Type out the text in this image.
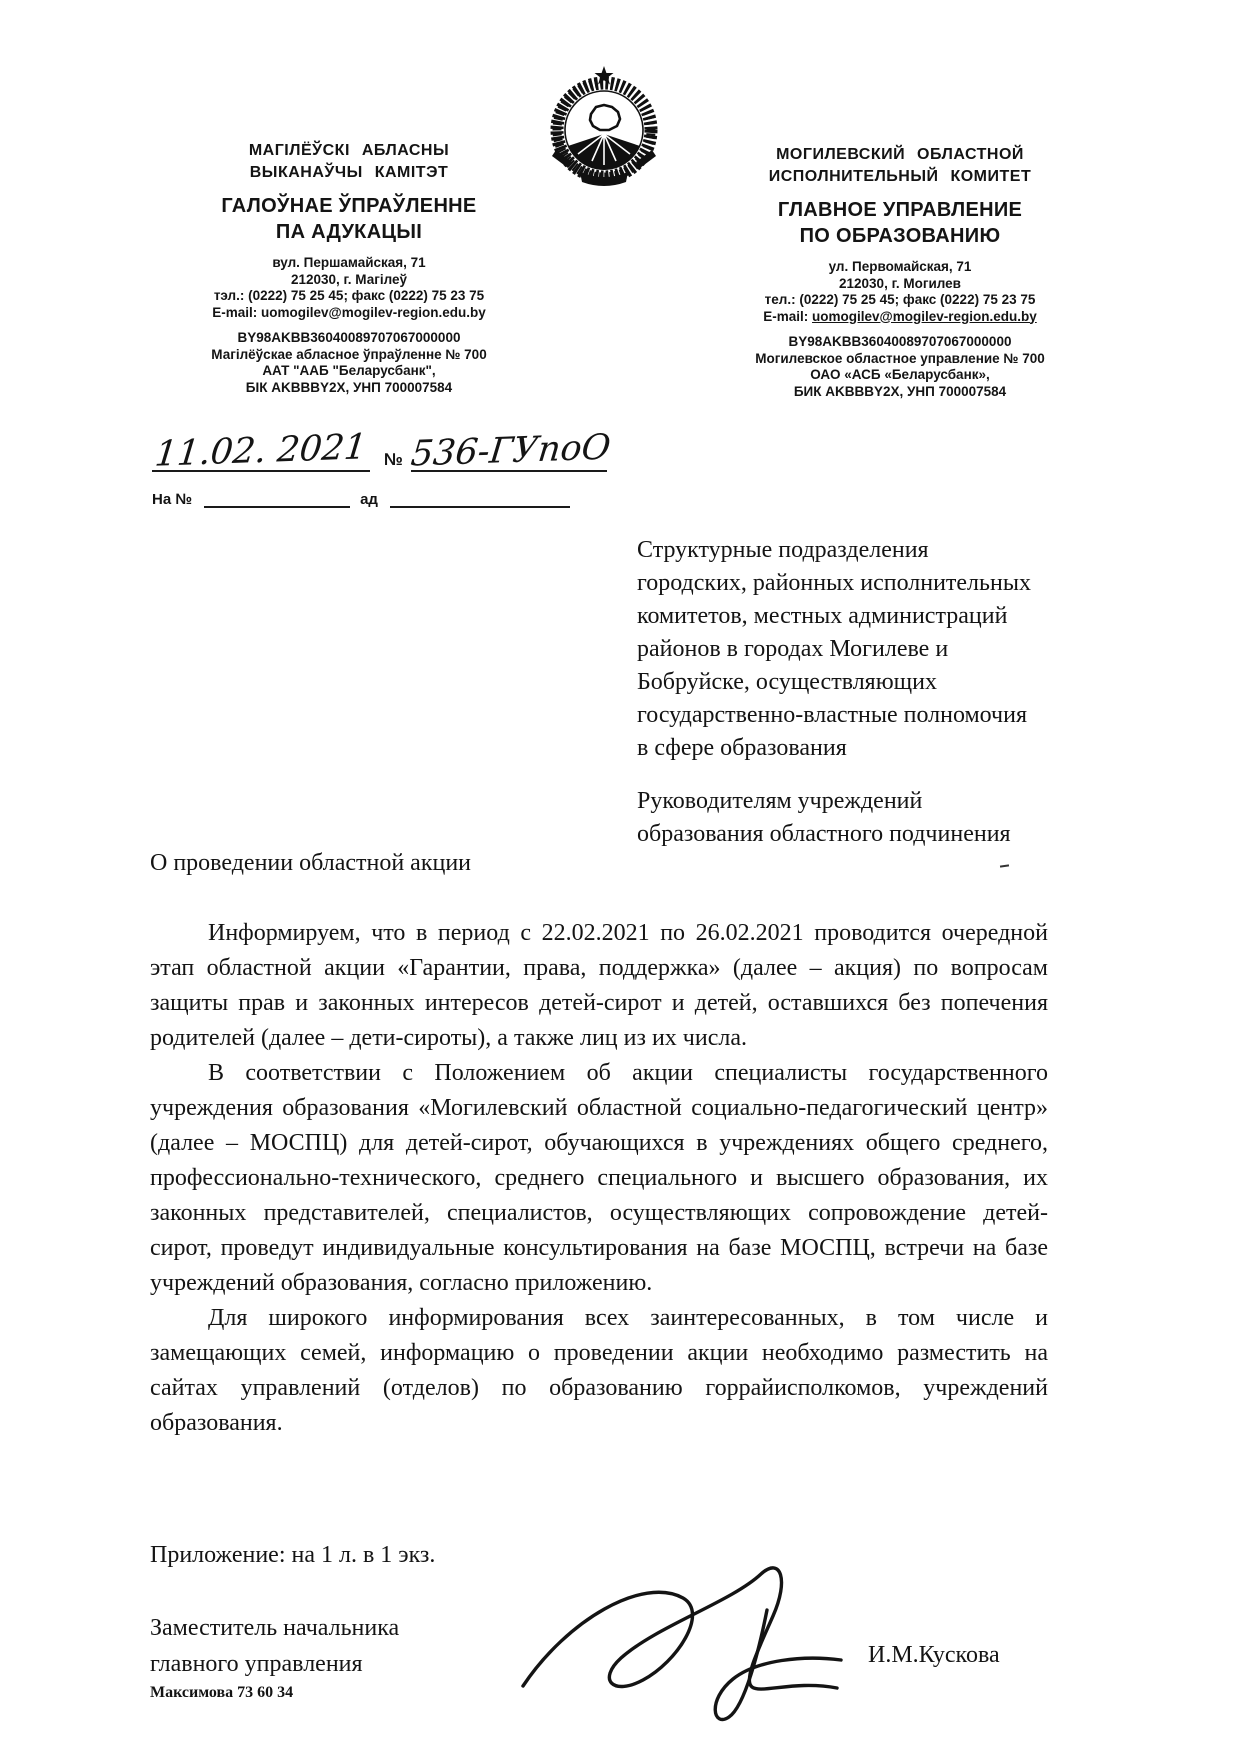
МАГІЛЁЎСКІ АБЛАСНЫ
ВЫКАНАЎЧЫ КАМІТЭТ
ГАЛОЎНАЕ ЎПРАЎЛЕННЕ
ПА АДУКАЦЫІ
вул. Першамайская, 71
212030, г. Магілеў
тэл.: (0222) 75 25 45; факс (0222) 75 23 75
E-mail: uomogilev@mogilev-region.edu.by
BY98AKBB36040089707067000000
Магілёўскае абласное ўпраўленне № 700
ААТ "ААБ "Беларусбанк",
БІК AKBBBY2X, УНП 700007584
МОГИЛЕВСКИЙ ОБЛАСТНОЙ
ИСПОЛНИТЕЛЬНЫЙ КОМИТЕТ
ГЛАВНОЕ УПРАВЛЕНИЕ
ПО ОБРАЗОВАНИЮ
ул. Первомайская, 71
212030, г. Могилев
тел.: (0222) 75 25 45; факс (0222) 75 23 75
E-mail: uomogilev@mogilev-region.edu.by
BY98AKBB36040089707067000000
Могилевское областное управление № 700
ОАО «АСБ «Беларусбанк»,
БИК AKBBBY2X, УНП 700007584
11.02. 2021 № 536-ГУпоО
На №	ад
Структурные подразделения
городских, районных исполнительных
комитетов, местных администраций
районов в городах Могилеве и
Бобруйске, осуществляющих
государственно-властные полномочия
в сфере образования
Руководителям учреждений
образования областного подчинения
О проведении областной акции

Информируем, что в период с 22.02.2021 по 26.02.2021 проводится очередной этап областной акции «Гарантии, права, поддержка» (далее – акция) по вопросам защиты прав и законных интересов детей-сирот и детей, оставшихся без попечения родителей (далее – дети-сироты), а также лиц из их числа.

В соответствии с Положением об акции специалисты государственного учреждения образования «Могилевский областной социально-педагогический центр» (далее – МОСПЦ) для детей-сирот, обучающихся в учреждениях общего среднего, профессионально-технического, среднего специального и высшего образования, их законных представителей, специалистов, осуществляющих сопровождение детей-сирот, проведут индивидуальные консультирования на базе МОСПЦ, встречи на базе учреждений образования, согласно приложению.

Для широкого информирования всех заинтересованных, в том числе и замещающих семей, информацию о проведении акции необходимо разместить на сайтах управлений (отделов) по образованию горрайисполкомов, учреждений образования.

Приложение: на 1 л. в 1 экз.
Заместитель начальника
главного управления	И.М.Кускова
Максимова 73 60 34
